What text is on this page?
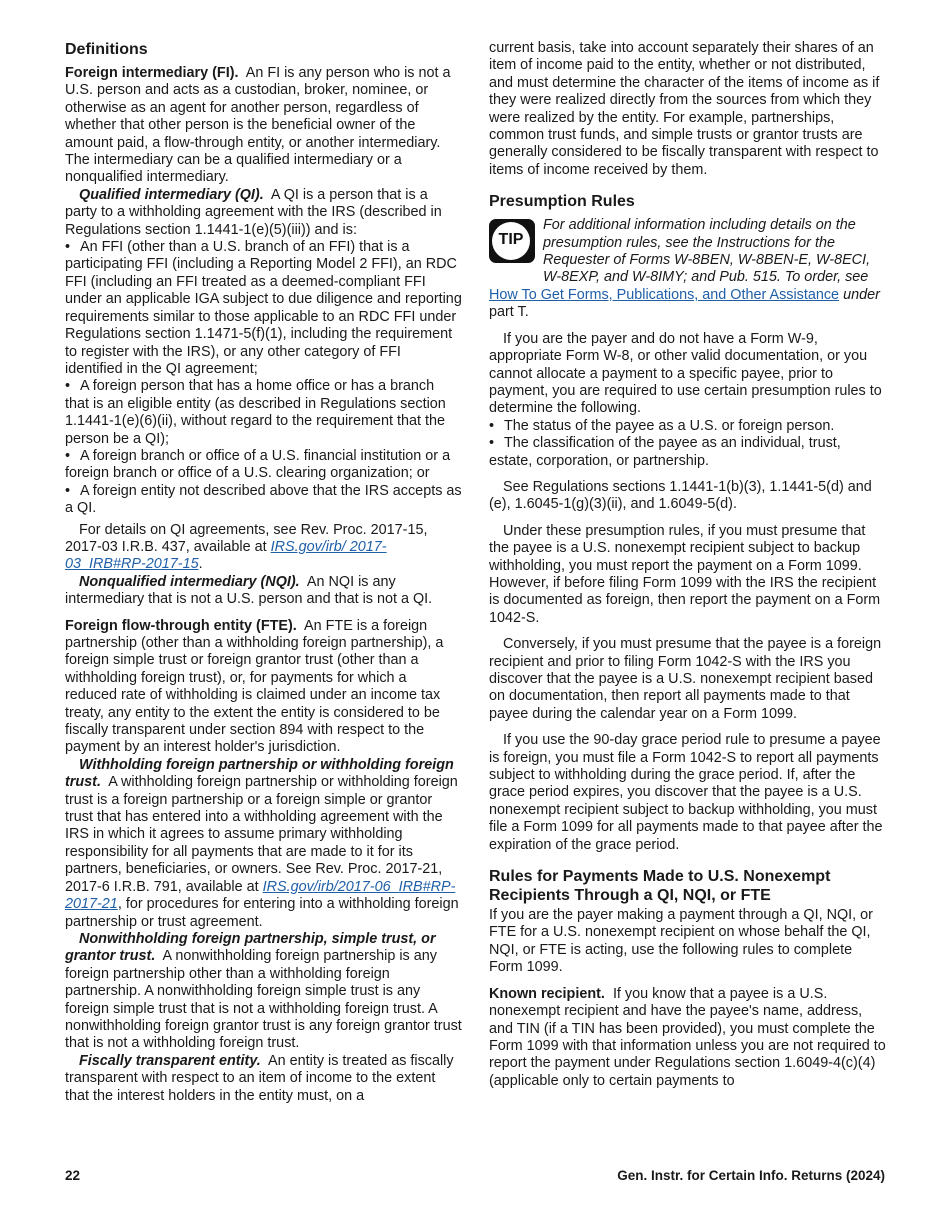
Definitions

Foreign intermediary (FI). An FI is any person who is not a U.S. person and acts as a custodian, broker, nominee, or otherwise as an agent for another person, regardless of whether that other person is the beneficial owner of the amount paid, a flow-through entity, or another intermediary. The intermediary can be a qualified intermediary or a nonqualified intermediary.

Qualified intermediary (QI). A QI is a person that is a party to a withholding agreement with the IRS (described in Regulations section 1.1441-1(e)(5)(iii)) and is:

• An FFI (other than a U.S. branch of an FFI) that is a participating FFI (including a Reporting Model 2 FFI), an RDC FFI (including an FFI treated as a deemed-compliant FFI under an applicable IGA subject to due diligence and reporting requirements similar to those applicable to an RDC FFI under Regulations section 1.1471-5(f)(1), including the requirement to register with the IRS), or any other category of FFI identified in the QI agreement;

• A foreign person that has a home office or has a branch that is an eligible entity (as described in Regulations section 1.1441-1(e)(6)(ii), without regard to the requirement that the person be a QI);

• A foreign branch or office of a U.S. financial institution or a foreign branch or office of a U.S. clearing organization; or

• A foreign entity not described above that the IRS accepts as a QI.

For details on QI agreements, see Rev. Proc. 2017-15, 2017-03 I.R.B. 437, available at IRS.gov/irb/ 2017-03_IRB#RP-2017-15.

Nonqualified intermediary (NQI). An NQI is any intermediary that is not a U.S. person and that is not a QI.

Foreign flow-through entity (FTE). An FTE is a foreign partnership (other than a withholding foreign partnership), a foreign simple trust or foreign grantor trust (other than a withholding foreign trust), or, for payments for which a reduced rate of withholding is claimed under an income tax treaty, any entity to the extent the entity is considered to be fiscally transparent under section 894 with respect to the payment by an interest holder's jurisdiction.

Withholding foreign partnership or withholding foreign trust. A withholding foreign partnership or withholding foreign trust is a foreign partnership or a foreign simple or grantor trust that has entered into a withholding agreement with the IRS in which it agrees to assume primary withholding responsibility for all payments that are made to it for its partners, beneficiaries, or owners. See Rev. Proc. 2017-21, 2017-6 I.R.B. 791, available at IRS.gov/irb/2017-06_IRB#RP-2017-21, for procedures for entering into a withholding foreign partnership or trust agreement.

Nonwithholding foreign partnership, simple trust, or grantor trust. A nonwithholding foreign partnership is any foreign partnership other than a withholding foreign partnership. A nonwithholding foreign simple trust is any foreign simple trust that is not a withholding foreign trust. A nonwithholding foreign grantor trust is any foreign grantor trust that is not a withholding foreign trust.

Fiscally transparent entity. An entity is treated as fiscally transparent with respect to an item of income to the extent that the interest holders in the entity must, on a

current basis, take into account separately their shares of an item of income paid to the entity, whether or not distributed, and must determine the character of the items of income as if they were realized directly from the sources from which they were realized by the entity. For example, partnerships, common trust funds, and simple trusts or grantor trusts are generally considered to be fiscally transparent with respect to items of income received by them.

Presumption Rules
TIP

For additional information including details on the presumption rules, see the Instructions for the Requester of Forms W-8BEN, W-8BEN-E, W-8ECI, W-8EXP, and W-8IMY; and Pub. 515. To order, see
How To Get Forms, Publications, and Other Assistance under part T.

If you are the payer and do not have a Form W-9, appropriate Form W-8, or other valid documentation, or you cannot allocate a payment to a specific payee, prior to payment, you are required to use certain presumption rules to determine the following.

• The status of the payee as a U.S. or foreign person.

• The classification of the payee as an individual, trust, estate, corporation, or partnership.

See Regulations sections 1.1441-1(b)(3), 1.1441-5(d) and (e), 1.6045-1(g)(3)(ii), and 1.6049-5(d).

Under these presumption rules, if you must presume that the payee is a U.S. nonexempt recipient subject to backup withholding, you must report the payment on a Form 1099. However, if before filing Form 1099 with the IRS the recipient is documented as foreign, then report the payment on a Form 1042-S.

Conversely, if you must presume that the payee is a foreign recipient and prior to filing Form 1042-S with the IRS you discover that the payee is a U.S. nonexempt recipient based on documentation, then report all payments made to that payee during the calendar year on a Form 1099.

If you use the 90-day grace period rule to presume a payee is foreign, you must file a Form 1042-S to report all payments subject to withholding during the grace period. If, after the grace period expires, you discover that the payee is a U.S. nonexempt recipient subject to backup withholding, you must file a Form 1099 for all payments made to that payee after the expiration of the grace period.

Rules for Payments Made to U.S. Nonexempt Recipients Through a QI, NQI, or FTE

If you are the payer making a payment through a QI, NQI, or FTE for a U.S. nonexempt recipient on whose behalf the QI, NQI, or FTE is acting, use the following rules to complete Form 1099.

Known recipient. If you know that a payee is a U.S. nonexempt recipient and have the payee's name, address, and TIN (if a TIN has been provided), you must complete the Form 1099 with that information unless you are not required to report the payment under Regulations section 1.6049-4(c)(4) (applicable only to certain payments to

22	Gen. Instr. for Certain Info. Returns (2024)
